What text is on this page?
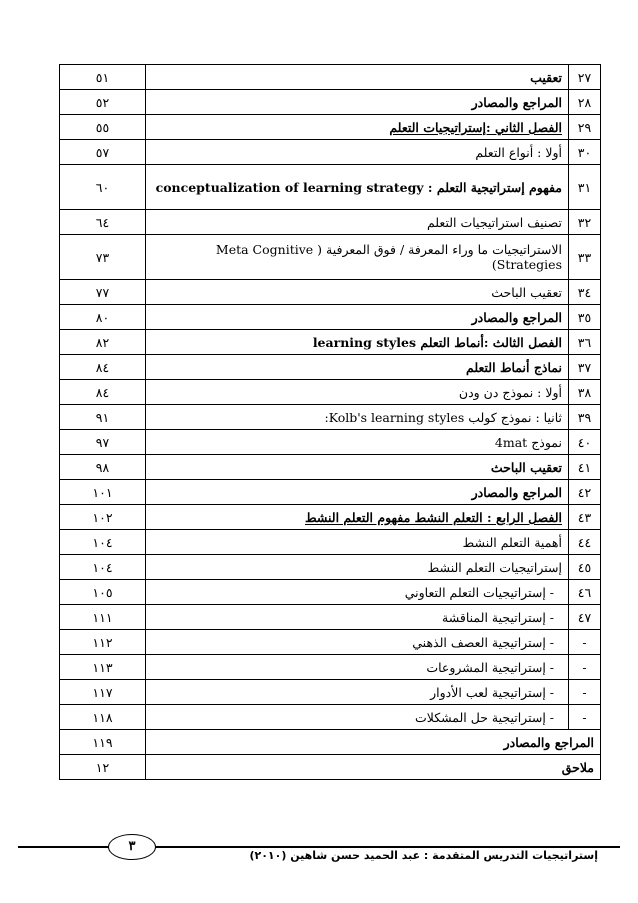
٢٧	تعقيب	٥١
٢٨	المراجع والمصادر	٥٢
٢٩	الفصل الثاني :إستراتيجيات التعلم	٥٥
٣٠	أولا : أنواع التعلم	٥٧
٣١	مفهوم إستراتيجية التعلم : conceptualization of learning strategy	٦٠
٣٢	تصنيف استراتيجيات التعلم	٦٤
٣٣	الاستراتيجيات ما وراء المعرفة / فوق المعرفية ( Meta Cognitive Strategies)	٧٣
٣٤	تعقيب الباحث	٧٧
٣٥	المراجع والمصادر	٨٠
٣٦	الفصل الثالث :أنماط التعلم learning styles	٨٢
٣٧	نماذج أنماط التعلم	٨٤
٣٨	أولا : نموذج دن ودن	٨٤
٣٩	ثانيا : نموذج كولب Kolb's learning styles:	٩١
٤٠	نموذج 4mat	٩٧
٤١	تعقيب الباحث	٩٨
٤٢	المراجع والمصادر	١٠١
٤٣	الفصل الرابع : التعلم النشط مفهوم التعلم النشط	١٠٢
٤٤	أهمية التعلم النشط	١٠٤
٤٥	إستراتيجيات التعلم النشط	١٠٤
٤٦	- إستراتيجيات التعلم التعاوني	١٠٥
٤٧	- إستراتيجية المناقشة	١١١
-	- إستراتيجية العصف الذهني	١١٢
-	- إستراتيجية المشروعات	١١٣
-	- إستراتيجية لعب الأدوار	١١٧
-	- إستراتيجية حل المشكلات	١١٨
المراجع والمصادر		١١٩
ملاحق		١٢
٣
إستراتيجيات التدريس المتقدمة : عبد الحميد حسن شاهين (٢٠١٠)
